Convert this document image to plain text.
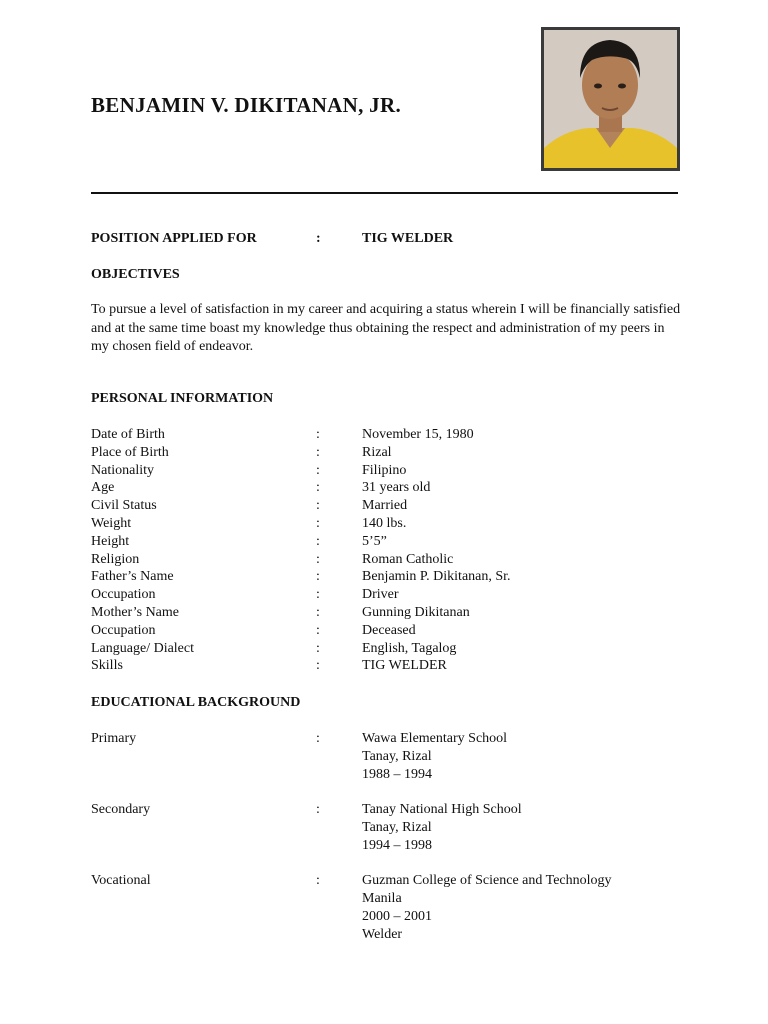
BENJAMIN V. DIKITANAN, JR.
POSITION APPLIED FOR	:	TIG WELDER
OBJECTIVES
To pursue a level of satisfaction in my career and acquiring a status wherein I will be financially satisfied and at the same time boast my knowledge thus obtaining the respect and administration of my peers in my chosen field of endeavor.
PERSONAL INFORMATION
Date of Birth	:	November 15, 1980
Place of Birth	:	Rizal
Nationality	:	Filipino
Age	:	31 years old
Civil Status	:	Married
Weight	:	140 lbs.
Height	:	5’5”
Religion	:	Roman Catholic
Father’s Name	:	Benjamin P. Dikitanan, Sr.
Occupation	:	Driver
Mother’s Name	:	Gunning Dikitanan
Occupation	:	Deceased
Language/ Dialect	:	English, Tagalog
Skills	:	TIG WELDER
EDUCATIONAL BACKGROUND
Primary	:	Wawa Elementary School
Tanay, Rizal
1988 – 1994
Secondary	:	Tanay National High School
Tanay, Rizal
1994 – 1998
Vocational	:	Guzman College of Science and Technology
Manila
2000 – 2001
Welder
